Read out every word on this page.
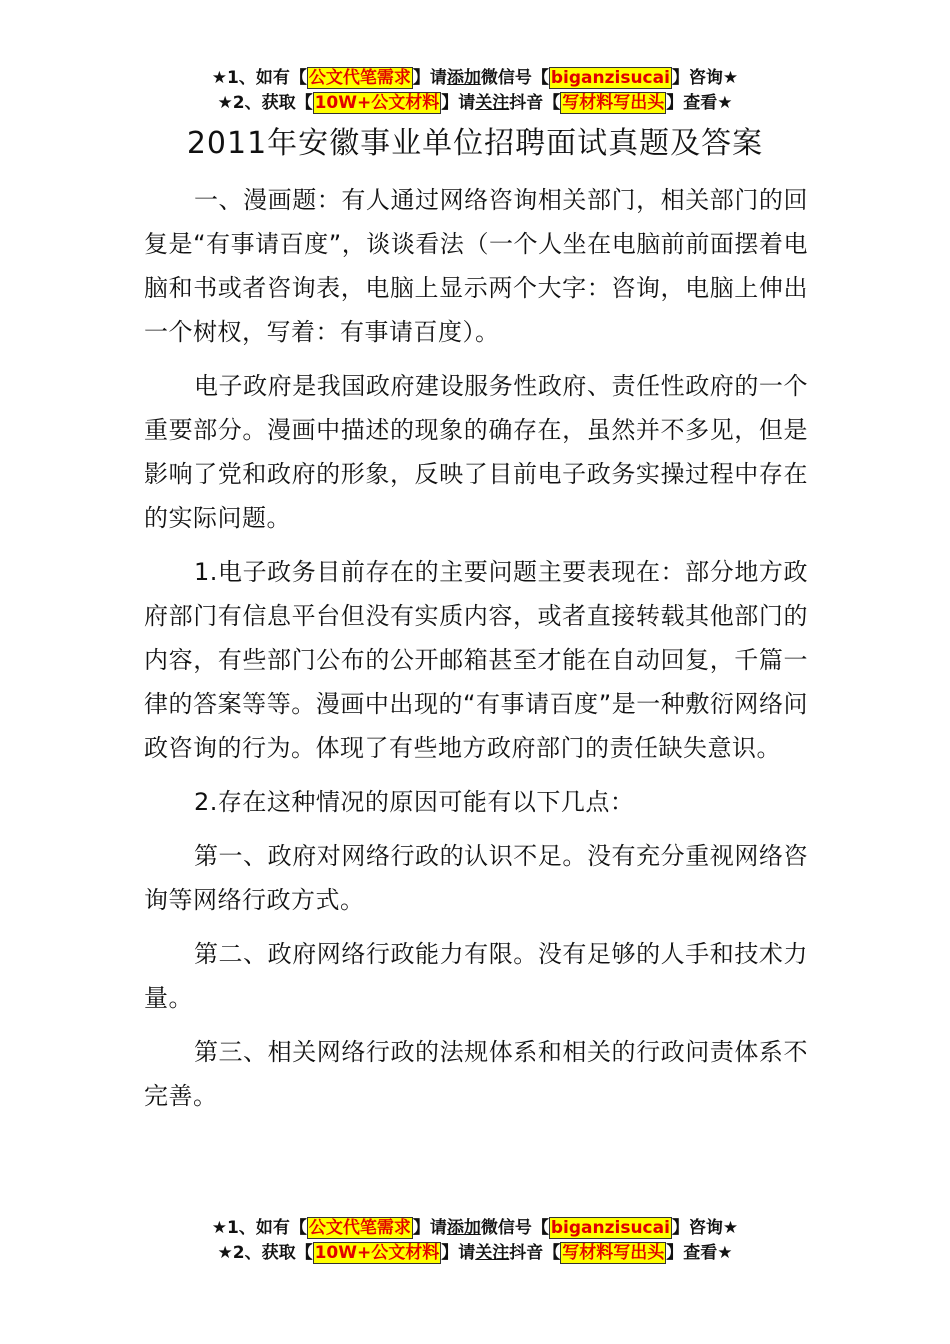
★1、如有【 公文代笔需求 】请添加微信号【 biganzisucai 】咨询★
★2、获取【 10W+公文材料 】请关注抖音【 写材料写出头 】查看★
2011年安徽事业单位招聘面试真题及答案

一、漫画题：有人通过网络咨询相关部门，相关部门的回复是“有事请百度”，谈谈看法（一个人坐在电脑前前面摆着电脑和书或者咨询表，电脑上显示两个大字：咨询，电脑上伸出一个树杈，写着：有事请百度）。

电子政府是我国政府建设服务性政府、责任性政府的一个重要部分。漫画中描述的现象的确存在，虽然并不多见，但是影响了党和政府的形象，反映了目前电子政务实操过程中存在的实际问题。

1.电子政务目前存在的主要问题主要表现在：部分地方政府部门有信息平台但没有实质内容，或者直接转载其他部门的内容，有些部门公布的公开邮箱甚至才能在自动回复，千篇一律的答案等等。漫画中出现的“有事请百度”是一种敷衍网络问政咨询的行为。体现了有些地方政府部门的责任缺失意识。

2.存在这种情况的原因可能有以下几点：

第一、政府对网络行政的认识不足。没有充分重视网络咨询等网络行政方式。

第二、政府网络行政能力有限。没有足够的人手和技术力量。

第三、相关网络行政的法规体系和相关的行政问责体系不完善。

★1、如有【 公文代笔需求 】请添加微信号【 biganzisucai 】咨询★
★2、获取【 10W+公文材料 】请关注抖音【 写材料写出头 】查看★
